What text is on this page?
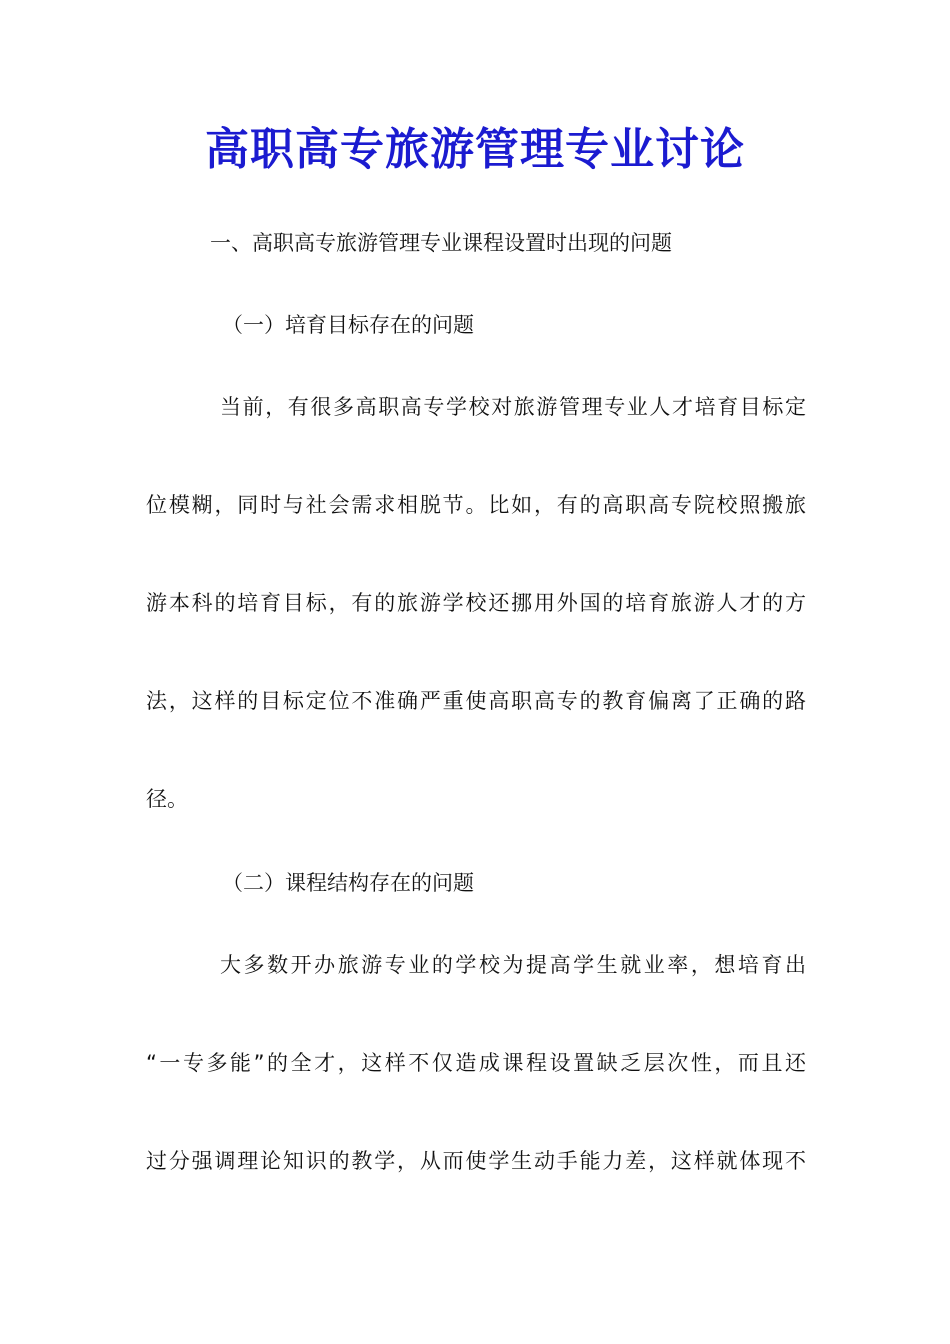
高职高专旅游管理专业讨论
一、高职高专旅游管理专业课程设置时出现的问题
（一）培育目标存在的问题
当前，有很多高职高专学校对旅游管理专业人才培育目标定
位模糊，同时与社会需求相脱节。比如，有的高职高专院校照搬旅
游本科的培育目标，有的旅游学校还挪用外国的培育旅游人才的方
法，这样的目标定位不准确严重使高职高专的教育偏离了正确的路
径。
（二）课程结构存在的问题
大多数开办旅游专业的学校为提高学生就业率，想培育出
“一专多能”的全才，这样不仅造成课程设置缺乏层次性，而且还
过分强调理论知识的教学，从而使学生动手能力差，这样就体现不
